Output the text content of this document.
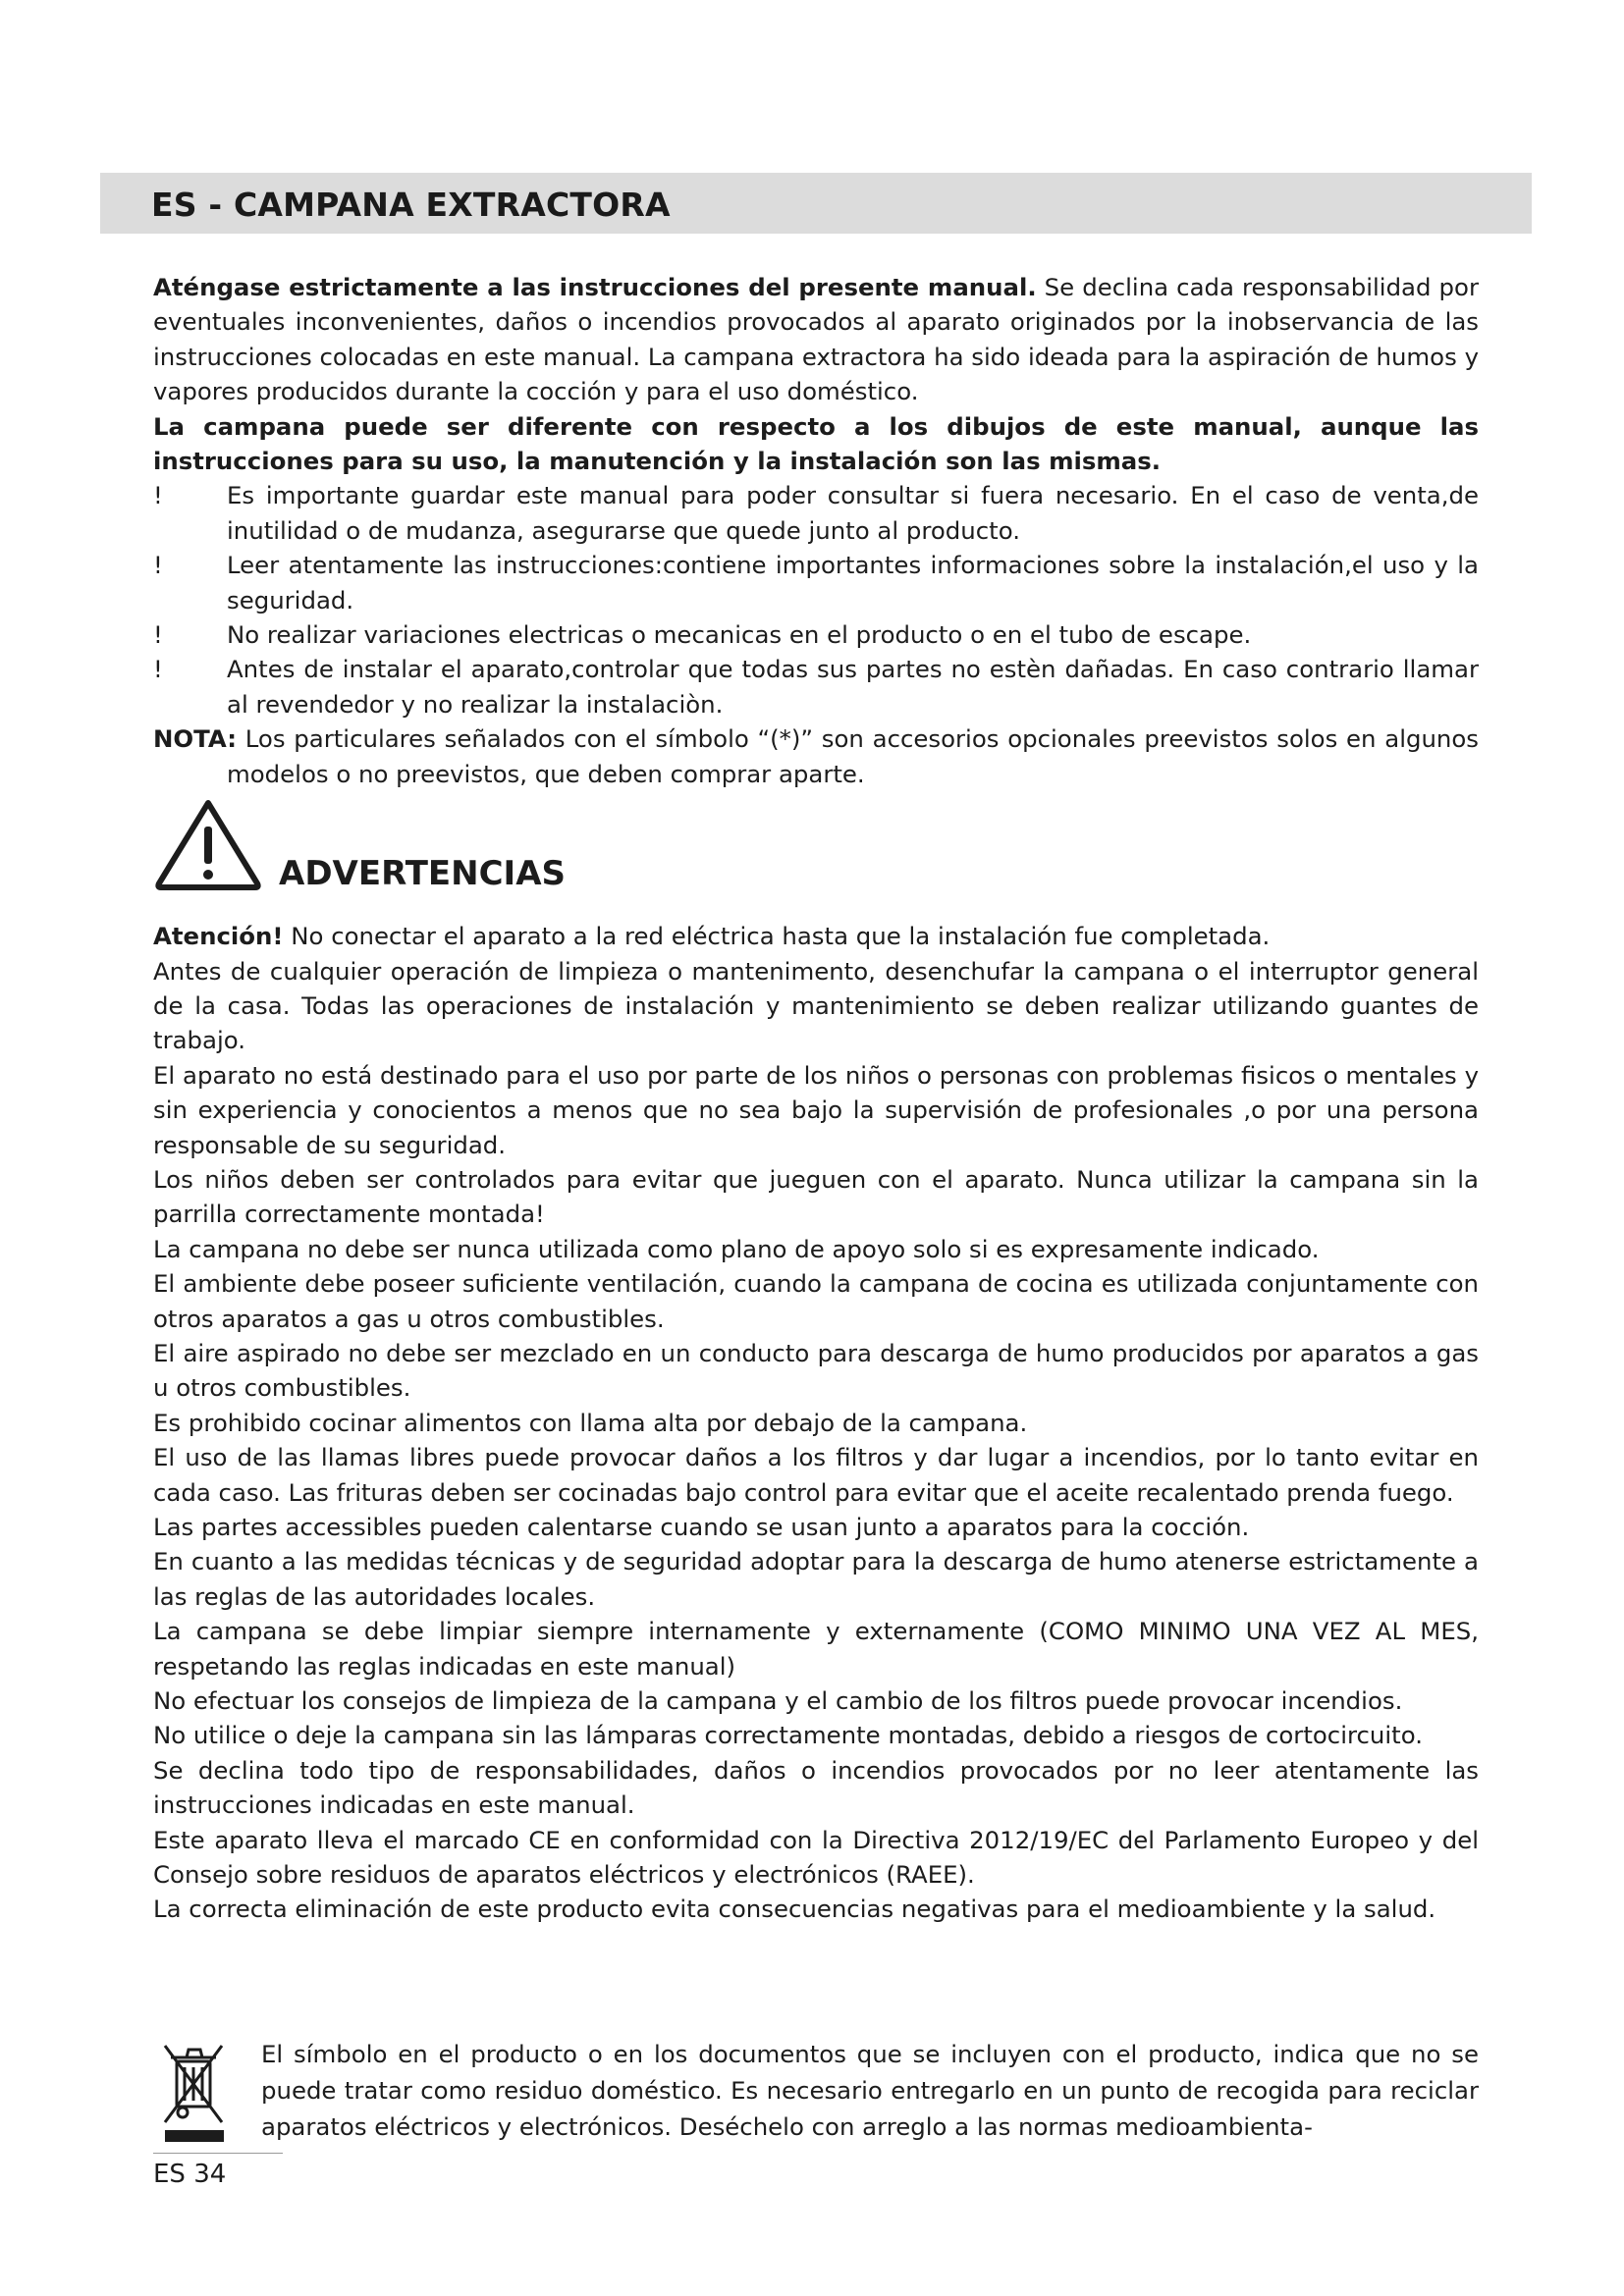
ES - CAMPANA EXTRACTORA

Aténgase estrictamente a las instrucciones del presente manual. Se declina cada responsabilidad por eventuales inconvenientes, daños o incendios provocados al aparato originados por la inobservancia de las instrucciones colocadas en este manual. La campana extractora ha sido ideada para la aspiración de humos y vapores producidos durante la cocción y para el uso doméstico.

La campana puede ser diferente con respecto a los dibujos de este manual, aunque las instrucciones para su uso, la manutención y la instalación son las mismas.

!	Es importante guardar este manual para poder consultar si fuera necesario. En el caso de venta,de inutilidad o de mudanza, asegurarse que quede junto al producto.
!	Leer atentamente las instrucciones:contiene importantes informaciones sobre la instalación,el uso y la seguridad.
!	No realizar variaciones electricas o mecanicas en el producto o en el tubo de escape.
!	Antes de instalar el aparato,controlar que todas sus partes no estèn dañadas. En caso contrario llamar al revendedor y no realizar la instalaciòn.

NOTA: Los particulares señalados con el símbolo “(*)” son accesorios opcionales preevistos solos en algunos modelos o no preevistos, que deben comprar aparte.

ADVERTENCIAS

Atención! No conectar el aparato a la red eléctrica hasta que la instalación fue completada.

Antes de cualquier operación de limpieza o mantenimento, desenchufar la campana o el interruptor general de la casa. Todas las operaciones de instalación y mantenimiento se deben realizar utilizando guantes de trabajo.

El aparato no está destinado para el uso por parte de los niños o personas con problemas fisicos o mentales y sin experiencia y conocientos a menos que no sea bajo la supervisión de profesionales ,o por una persona responsable de su seguridad.

Los niños deben ser controlados para evitar que jueguen con el aparato. Nunca utilizar la campana sin la parrilla correctamente montada!

La campana no debe ser nunca utilizada como plano de apoyo solo si es expresamente indicado.

El ambiente debe poseer suficiente ventilación, cuando la campana de cocina es utilizada conjuntamente con otros aparatos a gas u otros combustibles.

El aire aspirado no debe ser mezclado en un conducto para descarga de humo producidos por aparatos a gas u otros combustibles.

Es prohibido cocinar alimentos con llama alta por debajo de la campana.

El uso de las llamas libres puede provocar daños a los filtros y dar lugar a incendios, por lo tanto evitar en cada caso. Las frituras deben ser cocinadas bajo control para evitar que el aceite recalentado prenda fuego.

Las partes accessibles pueden calentarse cuando se usan junto a aparatos para la cocción.

En cuanto a las medidas técnicas y de seguridad adoptar para la descarga de humo atenerse estrictamente a las reglas de las autoridades locales.

La campana se debe limpiar siempre internamente y externamente (COMO MINIMO UNA VEZ AL MES, respetando las reglas indicadas en este manual)

No efectuar los consejos de limpieza de la campana y el cambio de los filtros puede provocar incendios.

No utilice o deje la campana sin las lámparas correctamente montadas, debido a riesgos de cortocircuito.

Se declina todo tipo de responsabilidades, daños o incendios provocados por no leer atentamente las instrucciones indicadas en este manual.

Este aparato lleva el marcado CE en conformidad con la Directiva 2012/19/EC del Parlamento Europeo y del Consejo sobre residuos de aparatos eléctricos y electrónicos (RAEE).

La correcta eliminación de este producto evita consecuencias negativas para el medioambiente y la salud.

El símbolo en el producto o en los documentos que se incluyen con el producto, indica que no se puede tratar como residuo doméstico. Es necesario entregarlo en un punto de recogida para reciclar aparatos eléctricos y electrónicos. Deséchelo con arreglo a las normas medioambienta-

ES 34
